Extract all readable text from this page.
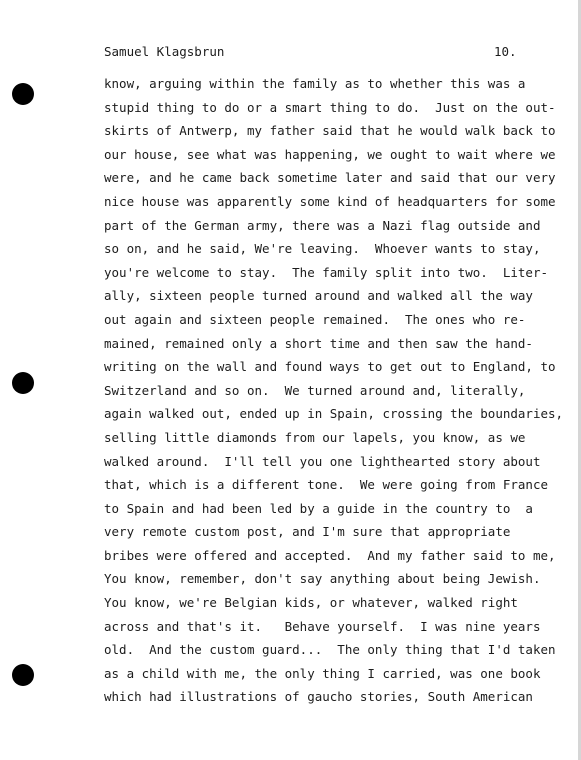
Samuel Klagsbrun	10.
know, arguing within the family as to whether this was a
stupid thing to do or a smart thing to do.  Just on the out-
skirts of Antwerp, my father said that he would walk back to
our house, see what was happening, we ought to wait where we
were, and he came back sometime later and said that our very
nice house was apparently some kind of headquarters for some
part of the German army, there was a Nazi flag outside and
so on, and he said, We're leaving.  Whoever wants to stay,
you're welcome to stay.  The family split into two.  Liter-
ally, sixteen people turned around and walked all the way
out again and sixteen people remained.  The ones who re-
mained, remained only a short time and then saw the hand-
writing on the wall and found ways to get out to England, to
Switzerland and so on.  We turned around and, literally,
again walked out, ended up in Spain, crossing the boundaries,
selling little diamonds from our lapels, you know, as we
walked around.  I'll tell you one lighthearted story about
that, which is a different tone.  We were going from France
to Spain and had been led by a guide in the country to  a
very remote custom post, and I'm sure that appropriate
bribes were offered and accepted.  And my father said to me,
You know, remember, don't say anything about being Jewish.
You know, we're Belgian kids, or whatever, walked right
across and that's it.   Behave yourself.  I was nine years
old.  And the custom guard...  The only thing that I'd taken
as a child with me, the only thing I carried, was one book
which had illustrations of gaucho stories, South American
